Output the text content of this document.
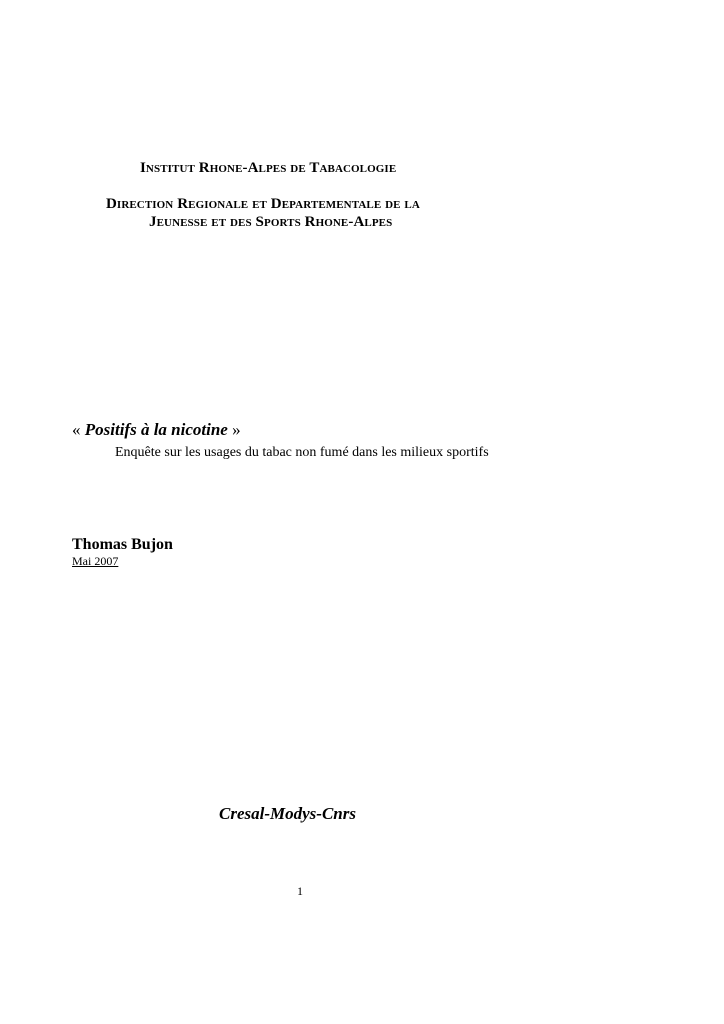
Institut Rhone-Alpes de Tabacologie
Direction Regionale et Departementale de la
Jeunesse et des Sports Rhone-Alpes
« Positifs à la nicotine »
Enquête sur les usages du tabac non fumé dans les milieux sportifs
Thomas Bujon
Mai 2007
Cresal-Modys-Cnrs
1
